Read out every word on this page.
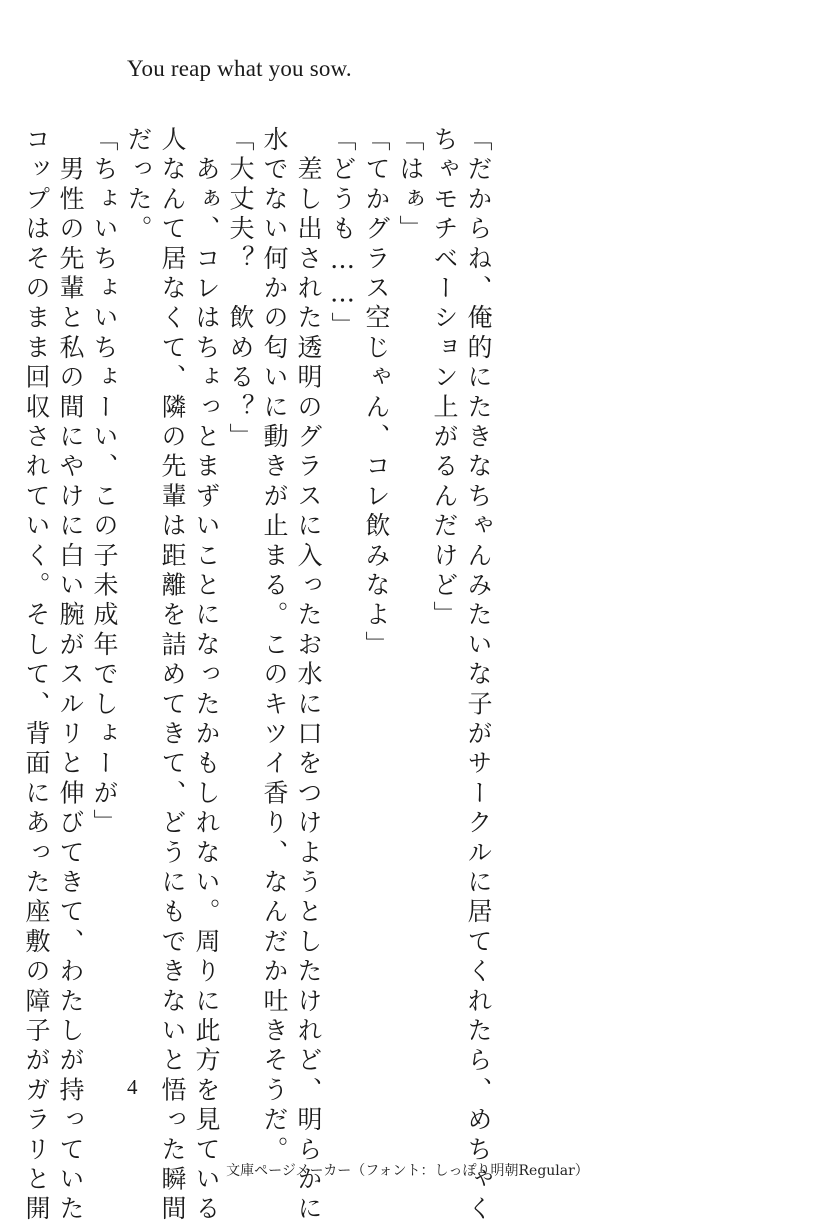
You reap what you sow.
「だからね、俺的にたきなちゃんみたいな子がサークルに居てくれたら、めちゃく
ちゃモチベーション上がるんだけど」
「はぁ」
「てかグラス空じゃん、コレ飲みなよ」
「どうも……」
　差し出された透明のグラスに入ったお水に口をつけようとしたけれど、明らかに
水でない何かの匂いに動きが止まる。このキツイ香り、なんだか吐きそうだ。
「大丈夫？　飲める？」
　あぁ、コレはちょっとまずいことになったかもしれない。周りに此方を見ている
人なんて居なくて、隣の先輩は距離を詰めてきて、どうにもできないと悟った瞬間
だった。
「ちょいちょいちょーい、この子未成年でしょーが」
　男性の先輩と私の間にやけに白い腕がスルリと伸びてきて、わたしが持っていた
コップはそのまま回収されていく。そして、背面にあった座敷の障子がガラリと開	4
文庫ページメーカー（フォント：しっぽり明朝Regular）
